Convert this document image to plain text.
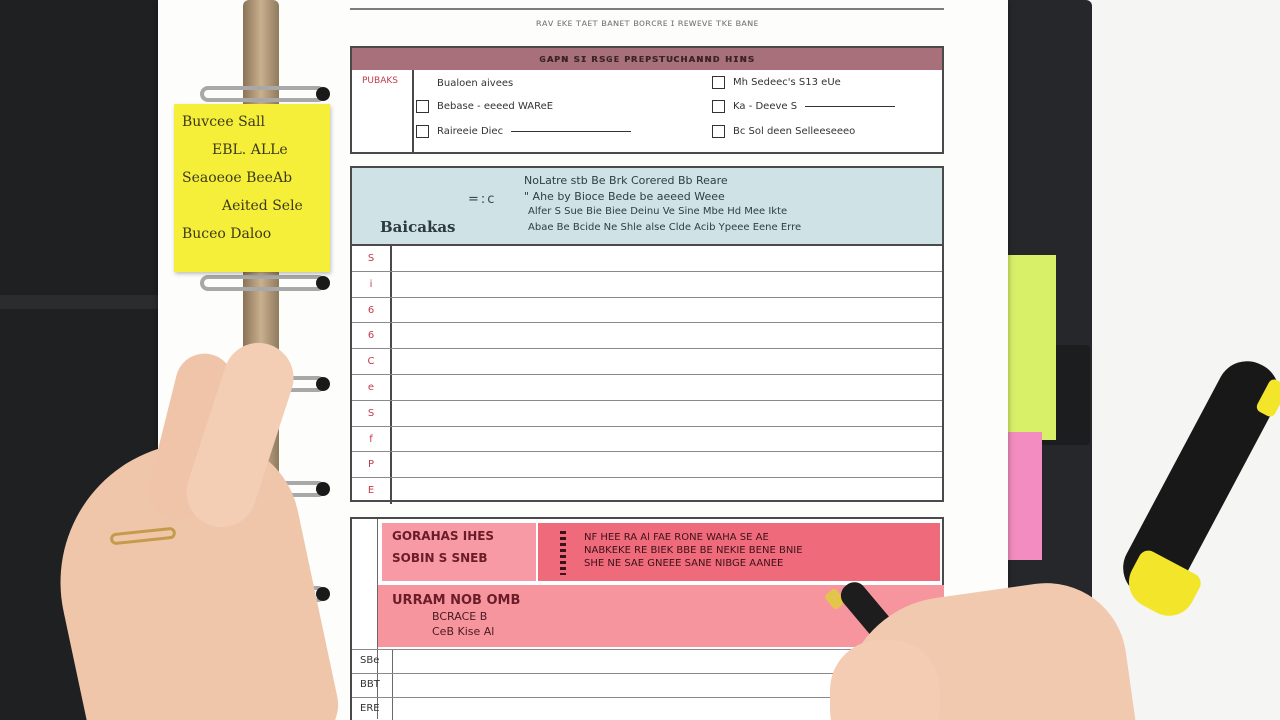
Buvcee Sall
EBL. ALLe
Seaoeoe BeeAb
Aeited Sele
Buceo Daloo
ʀᴀᴠ ᴇᴋᴇ ᴛᴀᴇᴛ ʙᴀɴᴇᴛ ʙᴏʀᴄʀᴇ ɪ ʀᴇᴡᴇᴠᴇ ᴛᴋᴇ ʙᴀɴᴇ
ɢᴀᴘɴ ꜱɪ ʀꜱɢᴇ ᴘʀᴇᴘꜱᴛᴜᴄʜᴀɴɴᴅ ʜɪɴꜱ
PUBAKS	Bualoen aivees
Bebase - eeeed WAReE
Raireeie Diec
Mh Sedeec's S13 eUe
Ka - Deeve S
Bc Sol deen Selleeseeeo
Baicakas
=:c
NoLatre stb Be Brk Corered Bb Reare
" Ahe by Bioce Bede be aeeed Weee
Alfer S Sue Bie Biee Deinu Ve Sine Mbe Hd Mee Ikte
Abae Be Bcide Ne Shle alse Clde Acib Ypeee Eene Erre
S
i
6
6
C
e
S
f
P
E
GORAHAS IHES
SOBIN S SNEB
NF HEE RA Al FAE RONE WAHA SE AE
NABKEKE RE BIEK BBE BE NEKIE BENE BNIE
SHE NE SAE GNEEE SANE NIBGE AANEE
URRAM NOB OMB
BCRACE B
CeB Kise Al
SBe
BBT
ERE
